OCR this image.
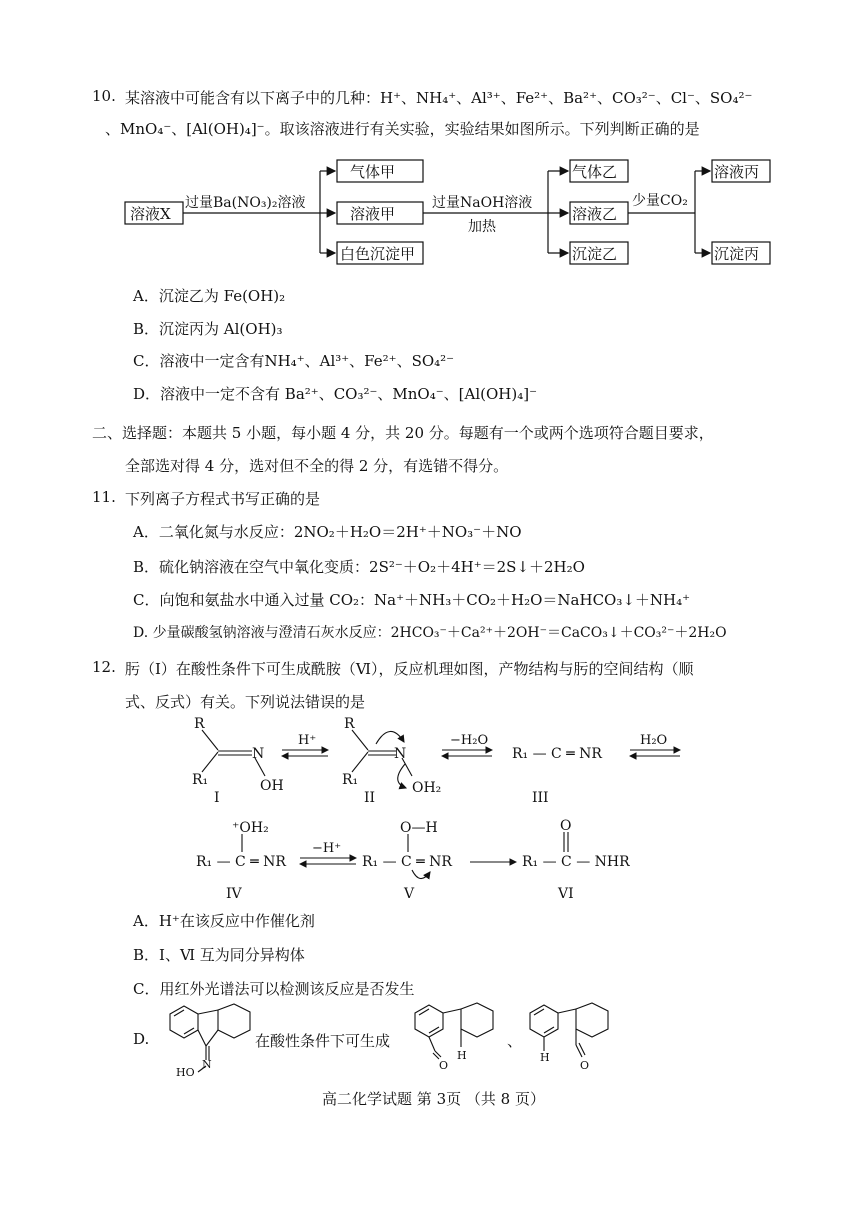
10. 某溶液中可能含有以下离子中的几种：H⁺、NH₄⁺、Al³⁺、Fe²⁺、Ba²⁺、CO₃²⁻、Cl⁻、SO₄²⁻
、MnO₄⁻、[Al(OH)₄]⁻。取该溶液进行有关实验，实验结果如图所示。下列判断正确的是
溶液X
过量Ba(NO₃)₂溶液
气体甲
溶液甲
白色沉淀甲
过量NaOH溶液
加热
气体乙
溶液乙
沉淀乙
少量CO₂
溶液丙
沉淀丙
A．沉淀乙为 Fe(OH)₂
B．沉淀丙为 Al(OH)₃
C．溶液中一定含有NH₄⁺、Al³⁺、Fe²⁺、SO₄²⁻
D．溶液中一定不含有 Ba²⁺、CO₃²⁻、MnO₄⁻、[Al(OH)₄]⁻
二、选择题：本题共 5 小题，每小题 4 分，共 20 分。每题有一个或两个选项符合题目要求，
全部选对得 4 分，选对但不全的得 2 分，有选错不得分。
11. 下列离子方程式书写正确的是
A．二氧化氮与水反应：2NO₂＋H₂O＝2H⁺＋NO₃⁻＋NO
B．硫化钠溶液在空气中氧化变质：2S²⁻＋O₂＋4H⁺＝2S↓＋2H₂O
C．向饱和氨盐水中通入过量 CO₂：Na⁺＋NH₃＋CO₂＋H₂O＝NaHCO₃↓＋NH₄⁺
D. 少量碳酸氢钠溶液与澄清石灰水反应：2HCO₃⁻＋Ca²⁺＋2OH⁻＝CaCO₃↓＋CO₃²⁻＋2H₂O
12. 肟（Ⅰ）在酸性条件下可生成酰胺（Ⅵ），反应机理如图，产物结构与肟的空间结构（顺
式、反式）有关。下列说法错误的是
R
R₁
N
OH
I
H⁺
R
R₁
N
OH₂
II
−H₂O
R₁ — C ═ NR
III
H₂O
⁺OH₂
R₁ — C ═ NR
IV
−H⁺
O—H
R₁ — C ═ NR
V
O
R₁ — C — NHR
VI
A．H⁺在该反应中作催化剂
B．Ⅰ、Ⅵ 互为同分异构体
C．用红外光谱法可以检测该反应是否发生
D.
N
HO
在酸性条件下可生成
O
H
、
H
O
高二化学试题 第 3页 （共 8 页）
